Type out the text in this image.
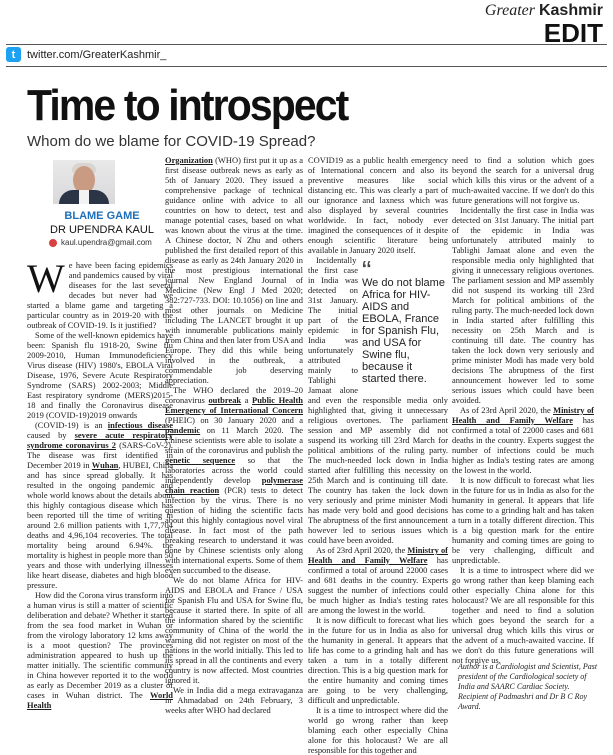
Greater Kashmir
EDIT
t	twitter.com/GreaterKashmir_
Time to introspect
Whom do we blame for COVID-19 Spread?
BLAME GAME
DR UPENDRA KAUL
kaul.upendra@gmail.com

We have been facing epidemics and pandemics caused by viral diseases for the last several decades but never had we started a blame game and targeting a particular country as in 2019-20 with the outbreak of COVID-19. Is it justified?

Some of the well-known epidemics have been: Spanish flu 1918-20, Swine flu 2009-2010, Human Immunodeficiency Virus disease (HIV) 1980's, EBOLA Viral Disease, 1976, Severe Acute Respiratory Syndrome (SARS) 2002-2003; Middle East respiratory syndrome (MERS)2015-18 and finally the Coronavirus disease 2019 (COVID-19)2019 onwards

(COVID-19) is an infectious disease caused by severe acute respiratory syndrome coronavirus 2 (SARS-CoV-2). The disease was first identified in December 2019 in Wuhan, HUBEI, China and has since spread globally. It has resulted in the ongoing pandemic and whole world knows about the details about this highly contagious disease which has been reported till the time of writing in around 2.6 million patients with 1,77,704 deaths and 4,96,104 recoveries. The total mortality being around 6.94%. the mortality is highest in people more than 50 years and those with underlying illnesses like heart disease, diabetes and high blood pressure.

How did the Corona virus transform into a human virus is still a matter of scientific deliberation and debate? Whether it started from the sea food market in Wuhan or from the virology laboratory 12 kms away is a moot question? The provinces administration appeared to hush up the matter initially. The scientific community in China however reported it to the world as early as December 2019 as a cluster of cases in Wuhan district. The World Health

Organization (WHO) first put it up as a first disease outbreak news as early as 5th of January 2020. They issued a comprehensive package of technical guidance online with advice to all countries on how to detect, test and manage potential cases, based on what was known about the virus at the time. A Chinese doctor, N Zhu and others published the first detailed report of this disease as early as 24th January 2020 in the most prestigious international journal New England Journal of Medicine (New Engl J Med 2020; 382:727-733. DOI: 10.1056) on line and most other journals on Medicine including The LANCET brought it up with innumerable publications mainly from China and then later from USA and Europe. They did this while being involved in the outbreak, a commendable job deserving appreciation.

The WHO declared the 2019–20 coronavirus outbreak a Public Health Emergency of International Concern (PHEIC) on 30 January 2020 and a pandemic on 11 March 2020. The Chinese scientists were able to isolate a strain of the coronavirus and publish the genetic sequence so that the laboratories across the world could independently develop polymerase chain reaction (PCR) tests to detect infection by the virus. There is no question of hiding the scientific facts about this highly contagious novel viral disease. In fact most of the path breaking research to understand it was done by Chinese scientists only along with international experts. Some of them even succumbed to the disease.

We do not blame Africa for HIV-AIDS and EBOLA and France / USA for Spanish Flu and USA for Swine flu, because it started there. In spite of all the information shared by the scientific community of China of the world the warning did not register on most of the nations in the world initially. This led to its spread in all the continents and every country is now affected. Most countries ignored it.

We in India did a mega extravaganza in Ahmadabad on 24th February, 3 weeks after WHO had declared

COVID19 as a public health emergency of International concern and also its preventive measures like social distancing etc. This was clearly a part of our ignorance and laxness which was also displayed by several countries worldwide. In fact, nobody ever imagined the consequences of it despite enough scientific literature being available in January 2020 itself.

“
We do not blame Africa for HIV-AIDS and EBOLA, France for Spanish Flu, and USA for Swine flu, because it started there.

Incidentally the first case in India was detected on 31st January. The initial part of the epidemic in India was unfortunately attributed mainly to Tablighi Jamaat alone and even the responsible media only highlighted that, giving it unnecessary religious overtones. The parliament session and MP assembly did not suspend its working till 23rd March for political ambitions of the ruling party. The much-needed lock down in India started after fulfilling this necessity on 25th March and is continuing till date. The country has taken the lock down very seriously and prime minister Modi has made very bold and good decisions The abruptness of the first announcement however led to serious issues which could have been avoided.

As of 23rd April 2020, the Ministry of Health and Family Welfare has confirmed a total of around 22000 cases and 681 deaths in the country. Experts suggest the number of infections could be much higher as India's testing rates are among the lowest in the world.

It is now difficult to forecast what lies in the future for us in India as also for the humanity in general. It appears that life has come to a grinding halt and has taken a turn in a totally different direction. This is a big question mark for the entire humanity and coming times are going to be very challenging, difficult and unpredictable.

It is a time to introspect where did the world go wrong rather than keep blaming each other especially China alone for this holocaust? We are all responsible for this together and

need to find a solution which goes beyond the search for a universal drug which kills this virus or the advent of a much-awaited vaccine. If we don't do this future generations will not forgive us.

Incidentally the first case in India was detected on 31st January. The initial part of the epidemic in India was unfortunately attributed mainly to Tablighi Jamaat alone and even the responsible media only highlighted that giving it unnecessary religious overtones. The parliament session and MP assembly did not suspend its working till 23rd March for political ambitions of the ruling party. The much-needed lock down in India started after fulfilling this necessity on 25th March and is continuing till date. The country has taken the lock down very seriously and prime minister Modi has made very bold decisions The abruptness of the first announcement however led to some serious issues which could have been avoided.

As of 23rd April 2020, the Ministry of Health and Family Welfare has confirmed a total of 22000 cases and 681 deaths in the country. Experts suggest the number of infections could be much higher as India's testing rates are among the lowest in the world.

It is now difficult to forecast what lies in the future for us in India as also for the humanity in general. It appears that life has come to a grinding halt and has taken a turn in a totally different direction. This is a big question mark for the entire humanity and coming times are going to be very challenging, difficult and unpredictable.

It is a time to introspect where did we go wrong rather than keep blaming each other especially China alone for this holocaust? We are all responsible for this together and need to find a solution which goes beyond the search for a universal drug which kills this virus or the advent of a much-awaited vaccine. If we don't do this future generations will not forgive us.

Author is a Cardiologist and Scientist, Past president of the Cardiological society of India and SAARC Cardiac Society. Recipient of Padmashri and Dr B C Roy Award.
